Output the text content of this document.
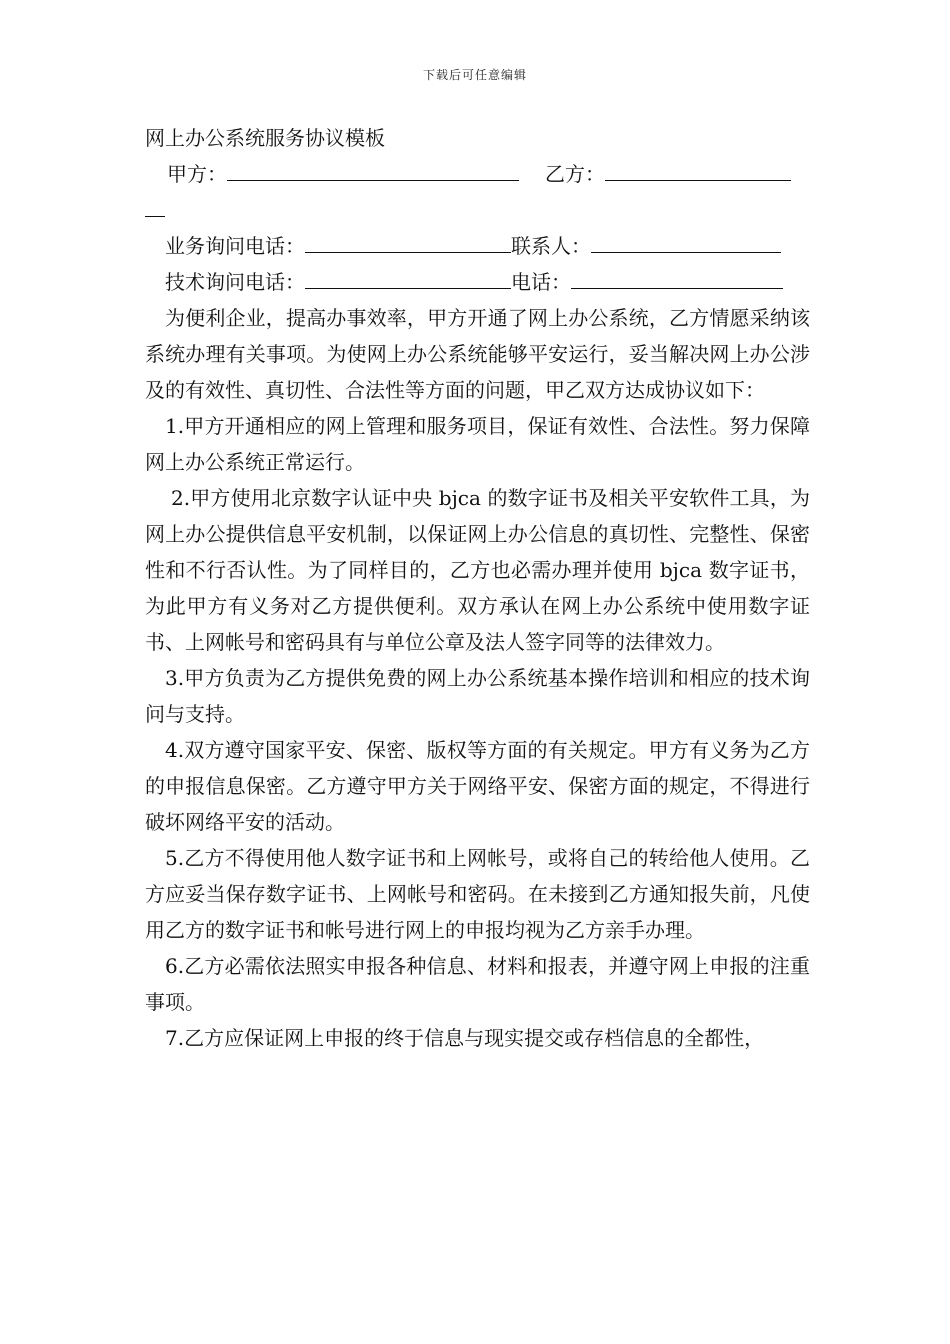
下载后可任意编辑

网上办公系统服务协议模板

甲方：	乙方：

业务询问电话：	联系人：

技术询问电话：	电话：

为便利企业，提高办事效率，甲方开通了网上办公系统，乙方情愿采纳该系统办理有关事项。为使网上办公系统能够平安运行，妥当解决网上办公涉及的有效性、真切性、合法性等方面的问题，甲乙双方达成协议如下：

1.甲方开通相应的网上管理和服务项目，保证有效性、合法性。努力保障网上办公系统正常运行。

2.甲方使用北京数字认证中央 bjca 的数字证书及相关平安软件工具，为网上办公提供信息平安机制，以保证网上办公信息的真切性、完整性、保密性和不行否认性。为了同样目的，乙方也必需办理并使用 bjca 数字证书，为此甲方有义务对乙方提供便利。双方承认在网上办公系统中使用数字证书、上网帐号和密码具有与单位公章及法人签字同等的法律效力。

3.甲方负责为乙方提供免费的网上办公系统基本操作培训和相应的技术询问与支持。

4.双方遵守国家平安、保密、版权等方面的有关规定。甲方有义务为乙方的申报信息保密。乙方遵守甲方关于网络平安、保密方面的规定，不得进行破坏网络平安的活动。

5.乙方不得使用他人数字证书和上网帐号，或将自己的转给他人使用。乙方应妥当保存数字证书、上网帐号和密码。在未接到乙方通知报失前，凡使用乙方的数字证书和帐号进行网上的申报均视为乙方亲手办理。

6.乙方必需依法照实申报各种信息、材料和报表，并遵守网上申报的注重事项。

7.乙方应保证网上申报的终于信息与现实提交或存档信息的全都性，
